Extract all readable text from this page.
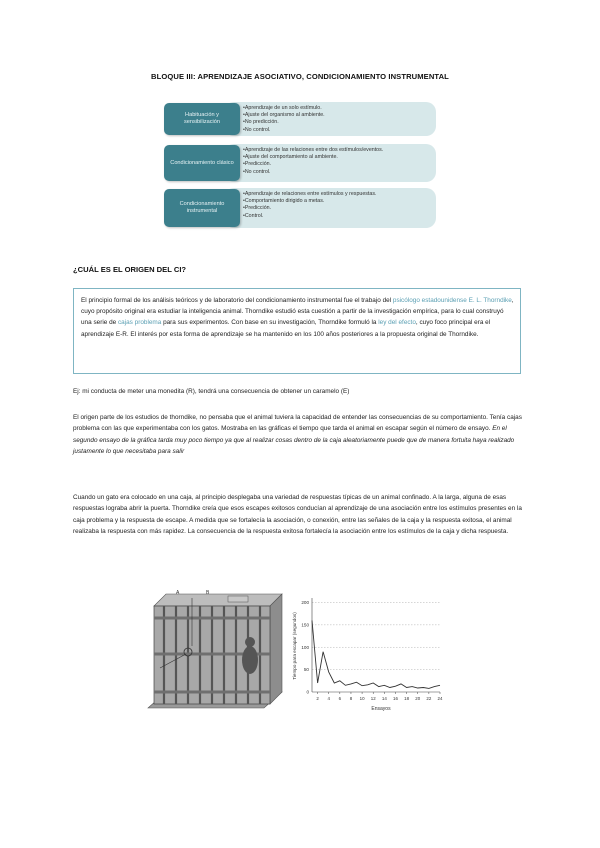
BLOQUE III: APRENDIZAJE ASOCIATIVO, CONDICIONAMIENTO INSTRUMENTAL
Habituación y sensibilización
• Aprendizaje de un solo estímulo.
• Ajuste del organismo al ambiente.
• No predicción.
• No control.
Condicionamiento clásico
• Aprendizaje de las relaciones entre dos estímulos/eventos.
• Ajuste del comportamiento al ambiente.
• Predicción.
• No control.
Condicionamiento instrumental
• Aprendizaje de relaciones entre estímulos y respuestas.
• Comportamiento dirigido a metas.
• Predicción.
• Control.
¿CUÁL ES EL ORIGEN DEL CI?
El principio formal de los análisis teóricos y de laboratorio del condicionamiento instrumental fue el trabajo del psicólogo estadounidense E. L. Thorndike, cuyo propósito original era estudiar la inteligencia animal. Thorndike estudió esta cuestión a partir de la investigación empírica, para lo cual construyó una serie de cajas problema para sus experimentos. Con base en su investigación, Thorndike formuló la ley del efecto, cuyo foco principal era el aprendizaje E-R. El interés por esta forma de aprendizaje se ha mantenido en los 100 años posteriores a la propuesta original de Thorndike.
Ej: mi conducta de meter una monedita (R), tendrá una consecuencia de obtener un caramelo (E)
El origen parte de los estudios de thorndike, no pensaba que el animal tuviera la capacidad de entender las consecuencias de su comportamiento. Tenía cajas problema con las que experimentaba con los gatos. Mostraba en las gráficas el tiempo que tarda el animal en escapar según el número de ensayo. En el segundo ensayo de la gráfica tarda muy poco tiempo ya que al realizar cosas dentro de la caja aleatoriamente puede que de manera fortuita haya realizado justamente lo que necesitaba para salir
Cuando un gato era colocado en una caja, al principio desplegaba una variedad de respuestas típicas de un animal confinado. A la larga, alguna de esas respuestas lograba abrir la puerta. Thorndike creía que esos escapes exitosos conducían al aprendizaje de una asociación entre los estímulos presentes en la caja problema y la respuesta de escape. A medida que se fortalecía la asociación, o conexión, entre las señales de la caja y la respuesta exitosa, el animal realizaba la respuesta con más rapidez. La consecuencia de la respuesta exitosa fortalecía la asociación entre los estímulos de la caja y dicha respuesta.
A	B
0
50
100
150
200
2 4 6 8 10 12 14 16 18 20 22 24
Ensayos
Tiempo para escapar (segundos)
